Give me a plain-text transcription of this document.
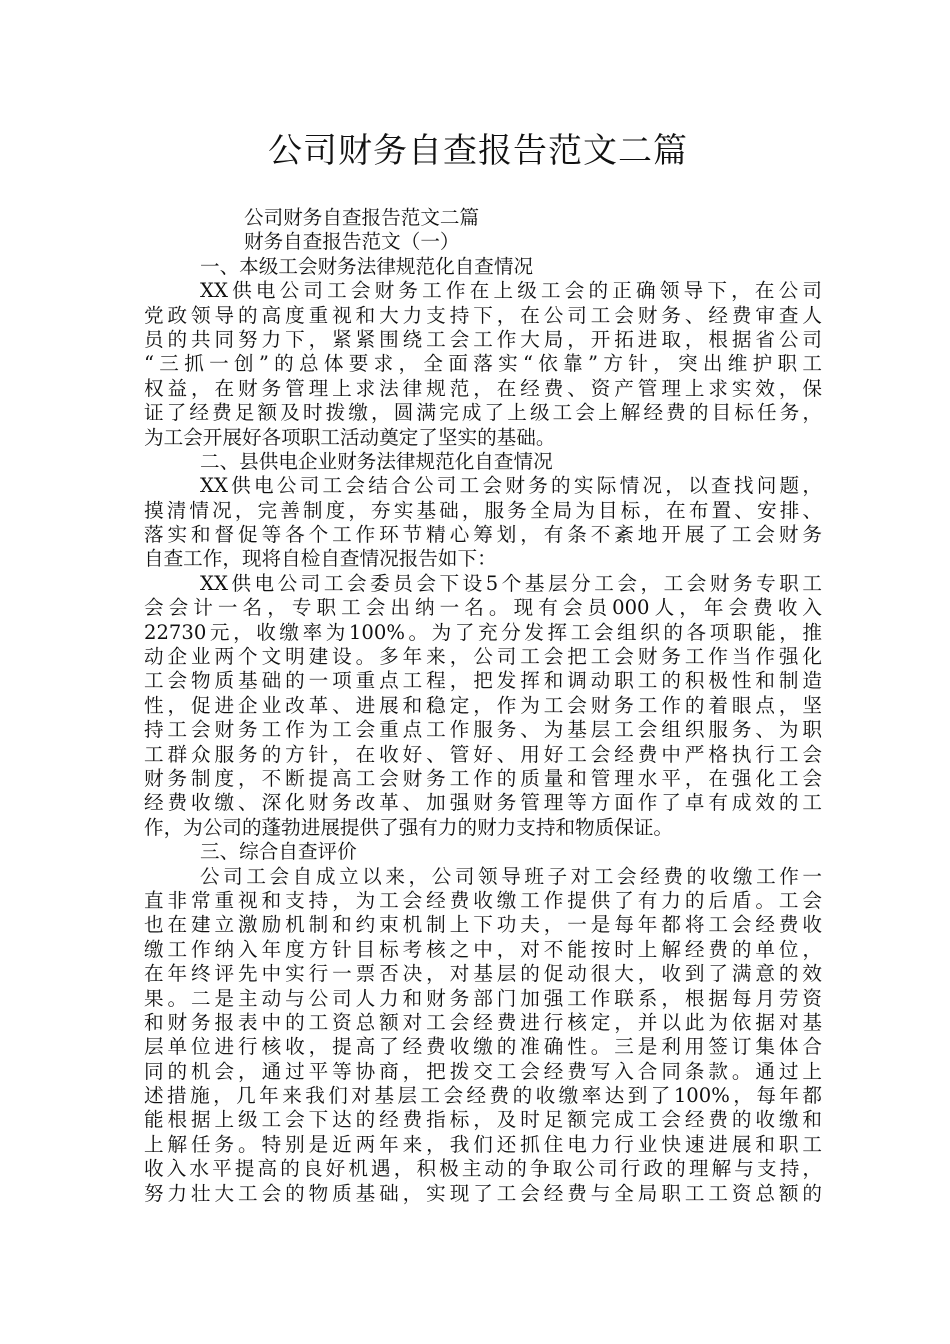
公司财务自查报告范文二篇
公司财务自查报告范文二篇
财务自查报告范文（一）
一、本级工会财务法律规范化自查情况
XX供电公司工会财务工作在上级工会的正确领导下，在公司
党政领导的高度重视和大力支持下，在公司工会财务、经费审查人
员的共同努力下，紧紧围绕工会工作大局，开拓进取，根据省公司
“三抓一创”的总体要求，全面落实“依靠”方针，突出维护职工
权益，在财务管理上求法律规范，在经费、资产管理上求实效，保
证了经费足额及时拨缴，圆满完成了上级工会上解经费的目标任务，
为工会开展好各项职工活动奠定了坚实的基础。
二、县供电企业财务法律规范化自查情况
XX供电公司工会结合公司工会财务的实际情况，以查找问题，
摸清情况，完善制度，夯实基础，服务全局为目标，在布置、安排、
落实和督促等各个工作环节精心筹划，有条不紊地开展了工会财务
自查工作，现将自检自查情况报告如下：
XX供电公司工会委员会下设5个基层分工会，工会财务专职工
会会计一名，专职工会出纳一名。现有会员000人，年会费收入
22730元，收缴率为100%。为了充分发挥工会组织的各项职能，推
动企业两个文明建设。多年来，公司工会把工会财务工作当作强化
工会物质基础的一项重点工程，把发挥和调动职工的积极性和制造
性，促进企业改革、进展和稳定，作为工会财务工作的着眼点，坚
持工会财务工作为工会重点工作服务、为基层工会组织服务、为职
工群众服务的方针，在收好、管好、用好工会经费中严格执行工会
财务制度，不断提高工会财务工作的质量和管理水平，在强化工会
经费收缴、深化财务改革、加强财务管理等方面作了卓有成效的工
作，为公司的蓬勃进展提供了强有力的财力支持和物质保证。
三、综合自查评价
公司工会自成立以来，公司领导班子对工会经费的收缴工作一
直非常重视和支持，为工会经费收缴工作提供了有力的后盾。工会
也在建立激励机制和约束机制上下功夫，一是每年都将工会经费收
缴工作纳入年度方针目标考核之中，对不能按时上解经费的单位，
在年终评先中实行一票否决，对基层的促动很大，收到了满意的效
果。二是主动与公司人力和财务部门加强工作联系，根据每月劳资
和财务报表中的工资总额对工会经费进行核定，并以此为依据对基
层单位进行核收，提高了经费收缴的准确性。三是利用签订集体合
同的机会，通过平等协商，把拨交工会经费写入合同条款。通过上
述措施，几年来我们对基层工会经费的收缴率达到了100%，每年都
能根据上级工会下达的经费指标，及时足额完成工会经费的收缴和
上解任务。特别是近两年来，我们还抓住电力行业快速进展和职工
收入水平提高的良好机遇，积极主动的争取公司行政的理解与支持，
努力壮大工会的物质基础，实现了工会经费与全局职工工资总额的
